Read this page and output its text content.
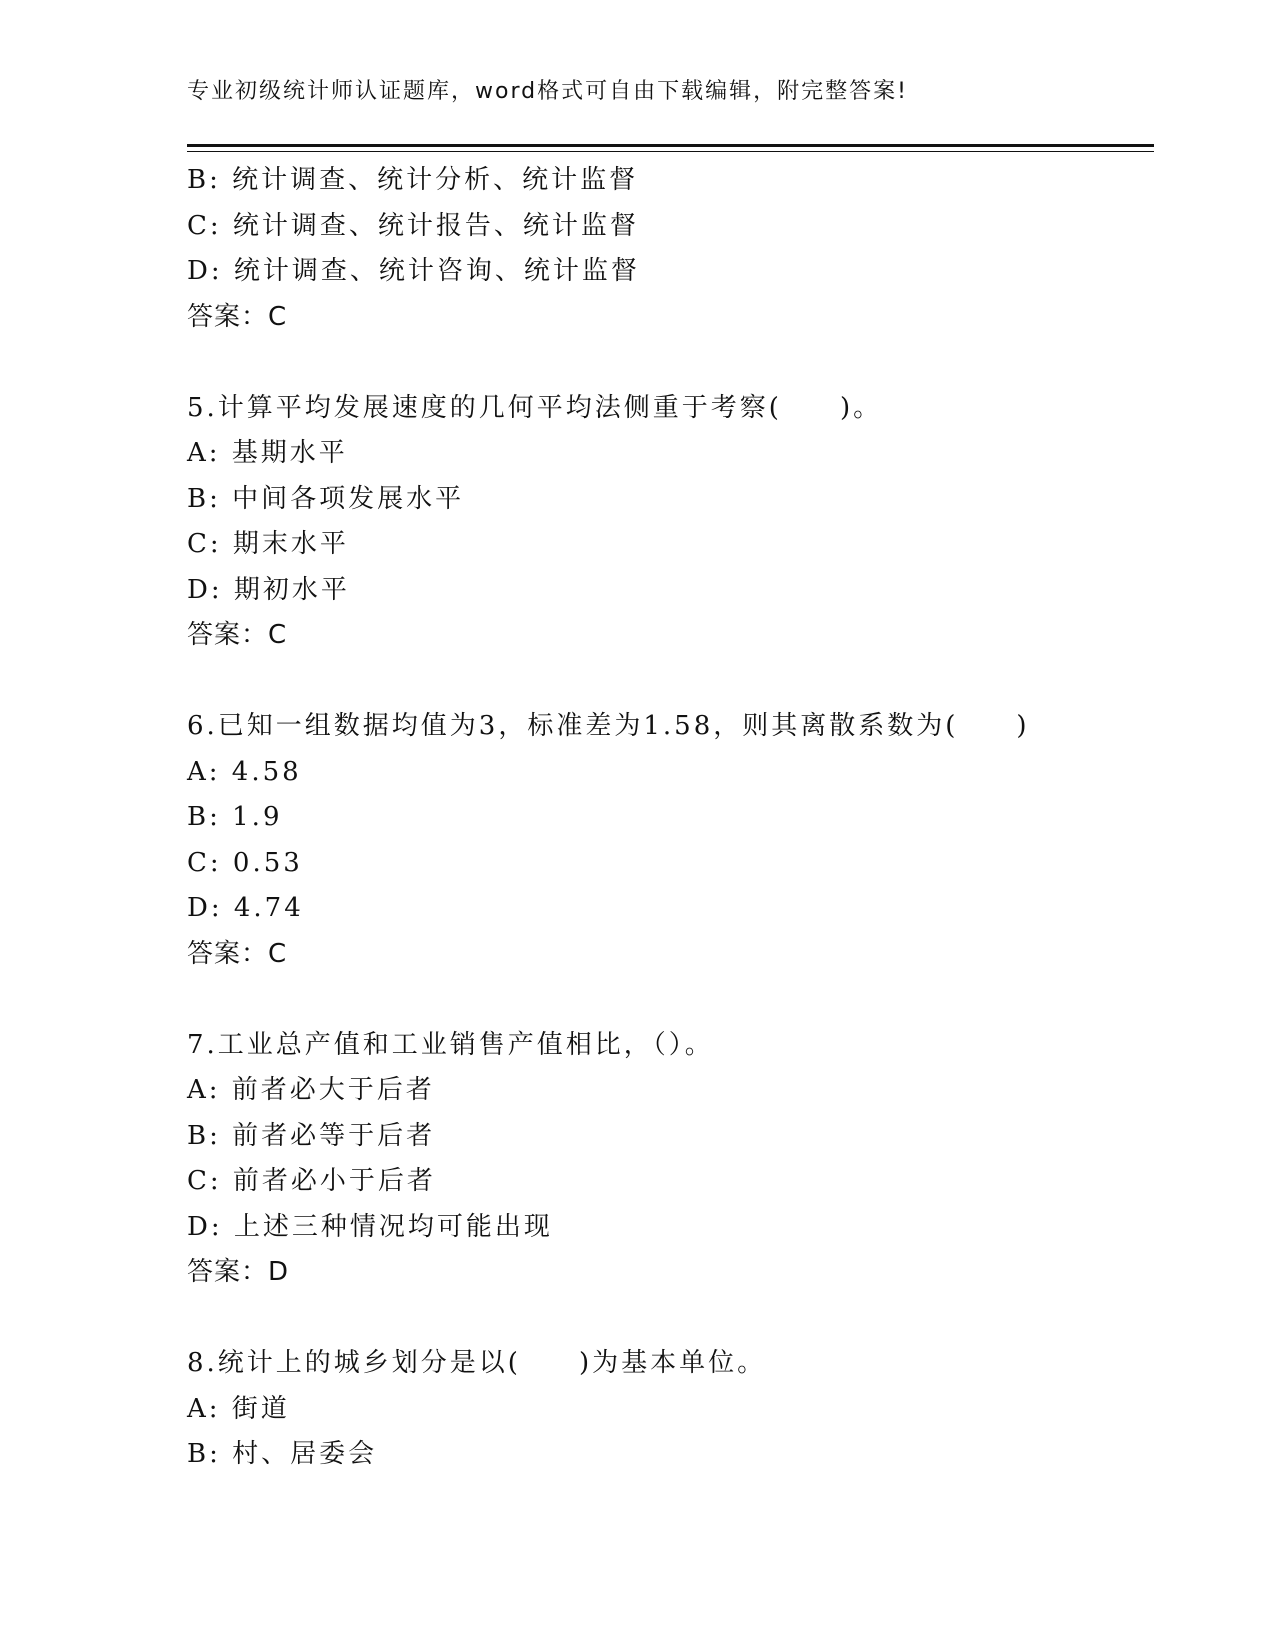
专业初级统计师认证题库，word格式可自由下载编辑，附完整答案!
B: 统计调查、统计分析、统计监督
C: 统计调查、统计报告、统计监督
D: 统计调查、统计咨询、统计监督
答案：C
5.计算平均发展速度的几何平均法侧重于考察(　　)。
A: 基期水平
B: 中间各项发展水平
C: 期末水平
D: 期初水平
答案：C
6.已知一组数据均值为3，标准差为1.58，则其离散系数为(　　)
A: 4.58
B: 1.9
C: 0.53
D: 4.74
答案：C
7.工业总产值和工业销售产值相比，（）。
A: 前者必大于后者
B: 前者必等于后者
C: 前者必小于后者
D: 上述三种情况均可能出现
答案：D
8.统计上的城乡划分是以(　　)为基本单位。
A: 街道
B: 村、居委会
